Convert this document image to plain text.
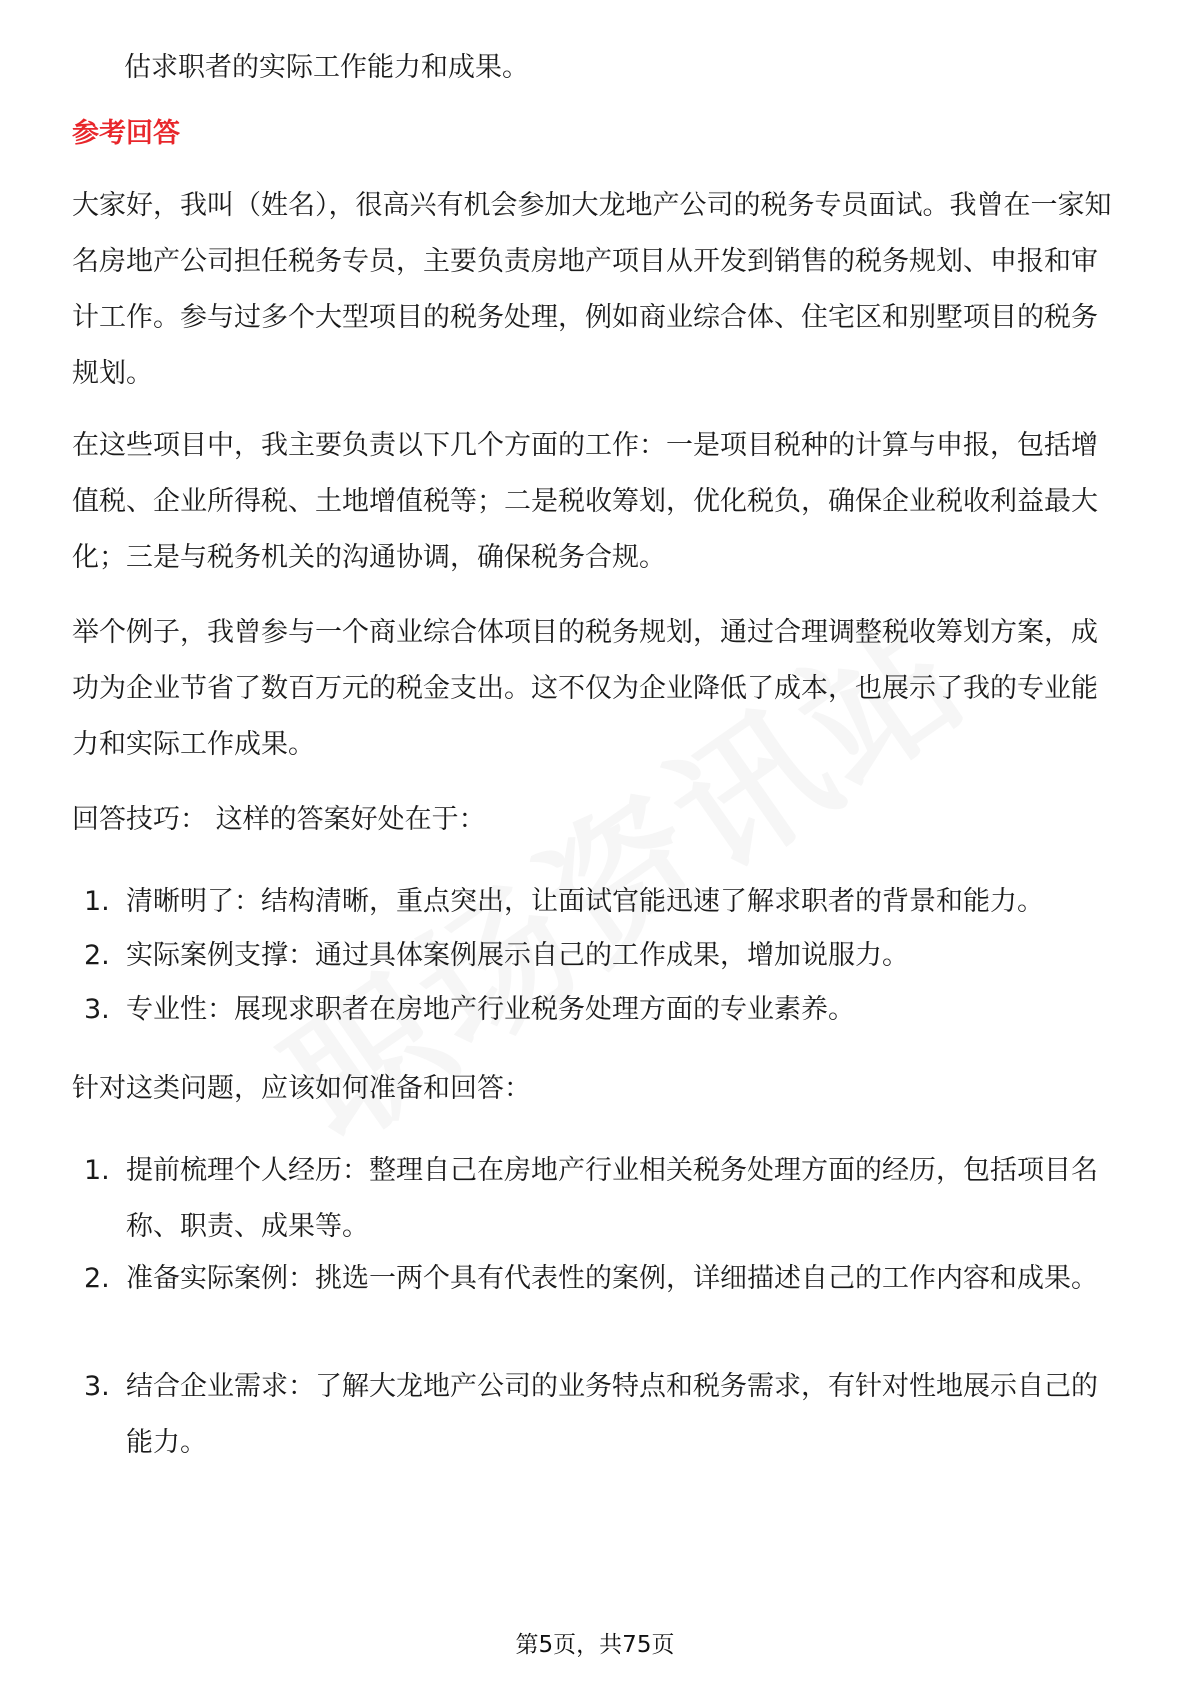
估求职者的实际工作能力和成果。

参考回答

大家好，我叫（姓名），很高兴有机会参加大龙地产公司的税务专员面试。我曾在一家知名房地产公司担任税务专员，主要负责房地产项目从开发到销售的税务规划、申报和审计工作。参与过多个大型项目的税务处理，例如商业综合体、住宅区和别墅项目的税务规划。

在这些项目中，我主要负责以下几个方面的工作：一是项目税种的计算与申报，包括增值税、企业所得税、土地增值税等；二是税收筹划，优化税负，确保企业税收利益最大化；三是与税务机关的沟通协调，确保税务合规。

举个例子，我曾参与一个商业综合体项目的税务规划，通过合理调整税收筹划方案，成功为企业节省了数百万元的税金支出。这不仅为企业降低了成本，也展示了我的专业能力和实际工作成果。

回答技巧： 这样的答案好处在于：

1. 清晰明了：结构清晰，重点突出，让面试官能迅速了解求职者的背景和能力。
2. 实际案例支撑：通过具体案例展示自己的工作成果，增加说服力。
3. 专业性：展现求职者在房地产行业税务处理方面的专业素养。

针对这类问题，应该如何准备和回答：

1. 提前梳理个人经历：整理自己在房地产行业相关税务处理方面的经历，包括项目名称、职责、成果等。
2. 准备实际案例：挑选一两个具有代表性的案例，详细描述自己的工作内容和成果。
3. 结合企业需求：了解大龙地产公司的业务特点和税务需求，有针对性地展示自己的能力。
第5页，共75页
